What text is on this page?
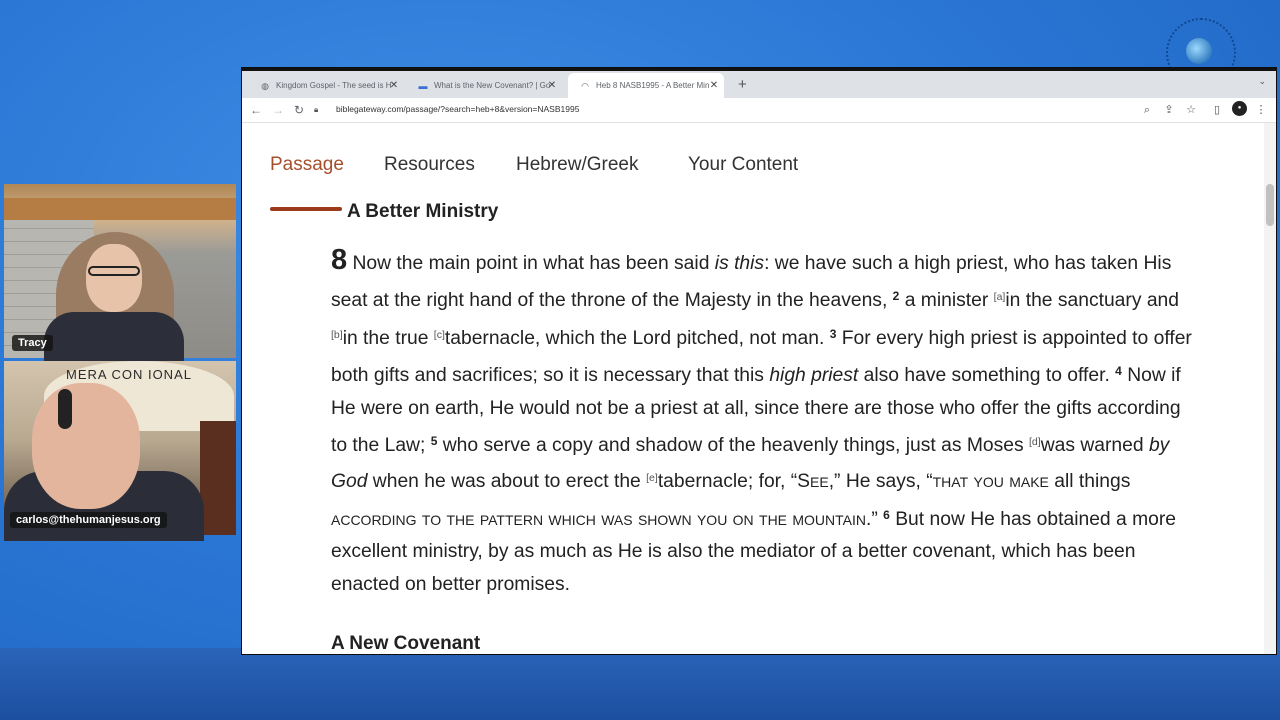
◍ Kingdom Gospel - The seed is H
✕ ▬ What is the New Covenant? | Go
✕	◠ Heb 8 NASB1995 - A Better Min ✕ +	⌄
← → ↻	🔒︎	biblegateway.com/passage/?search=heb+8&version=NASB1995	⌕	⇪ ☆	▯	●	⋮
Passage Resources Hebrew/Greek	Your Content
A Better Ministry

8 Now the main point in what has been said is this: we have such a high priest, who has taken His seat at the right hand of the throne of the Majesty in the heavens, $^2$ a minister [a]in the sanctuary and [b]in the true [c]tabernacle, which the Lord pitched, not man. $^3$ For every high priest is appointed to offer both gifts and sacrifices; so it is necessary that this high priest also have something to offer. $^4$ Now if He were on earth, He would not be a priest at all, since there are those who offer the gifts according to the Law; $^5$ who serve a copy and shadow of the heavenly things, just as Moses [d]was warned by God when he was about to erect the [e]tabernacle; for, “See,” He says, “that you make all things according to the pattern which was shown you on the mountain.” $^6$ But now He has obtained a more excellent ministry, by as much as He is also the mediator of a better covenant, which has been enacted on better promises.

A New Covenant
Tracy
MERA CON IONAL
carlos@thehumanjesus.org
